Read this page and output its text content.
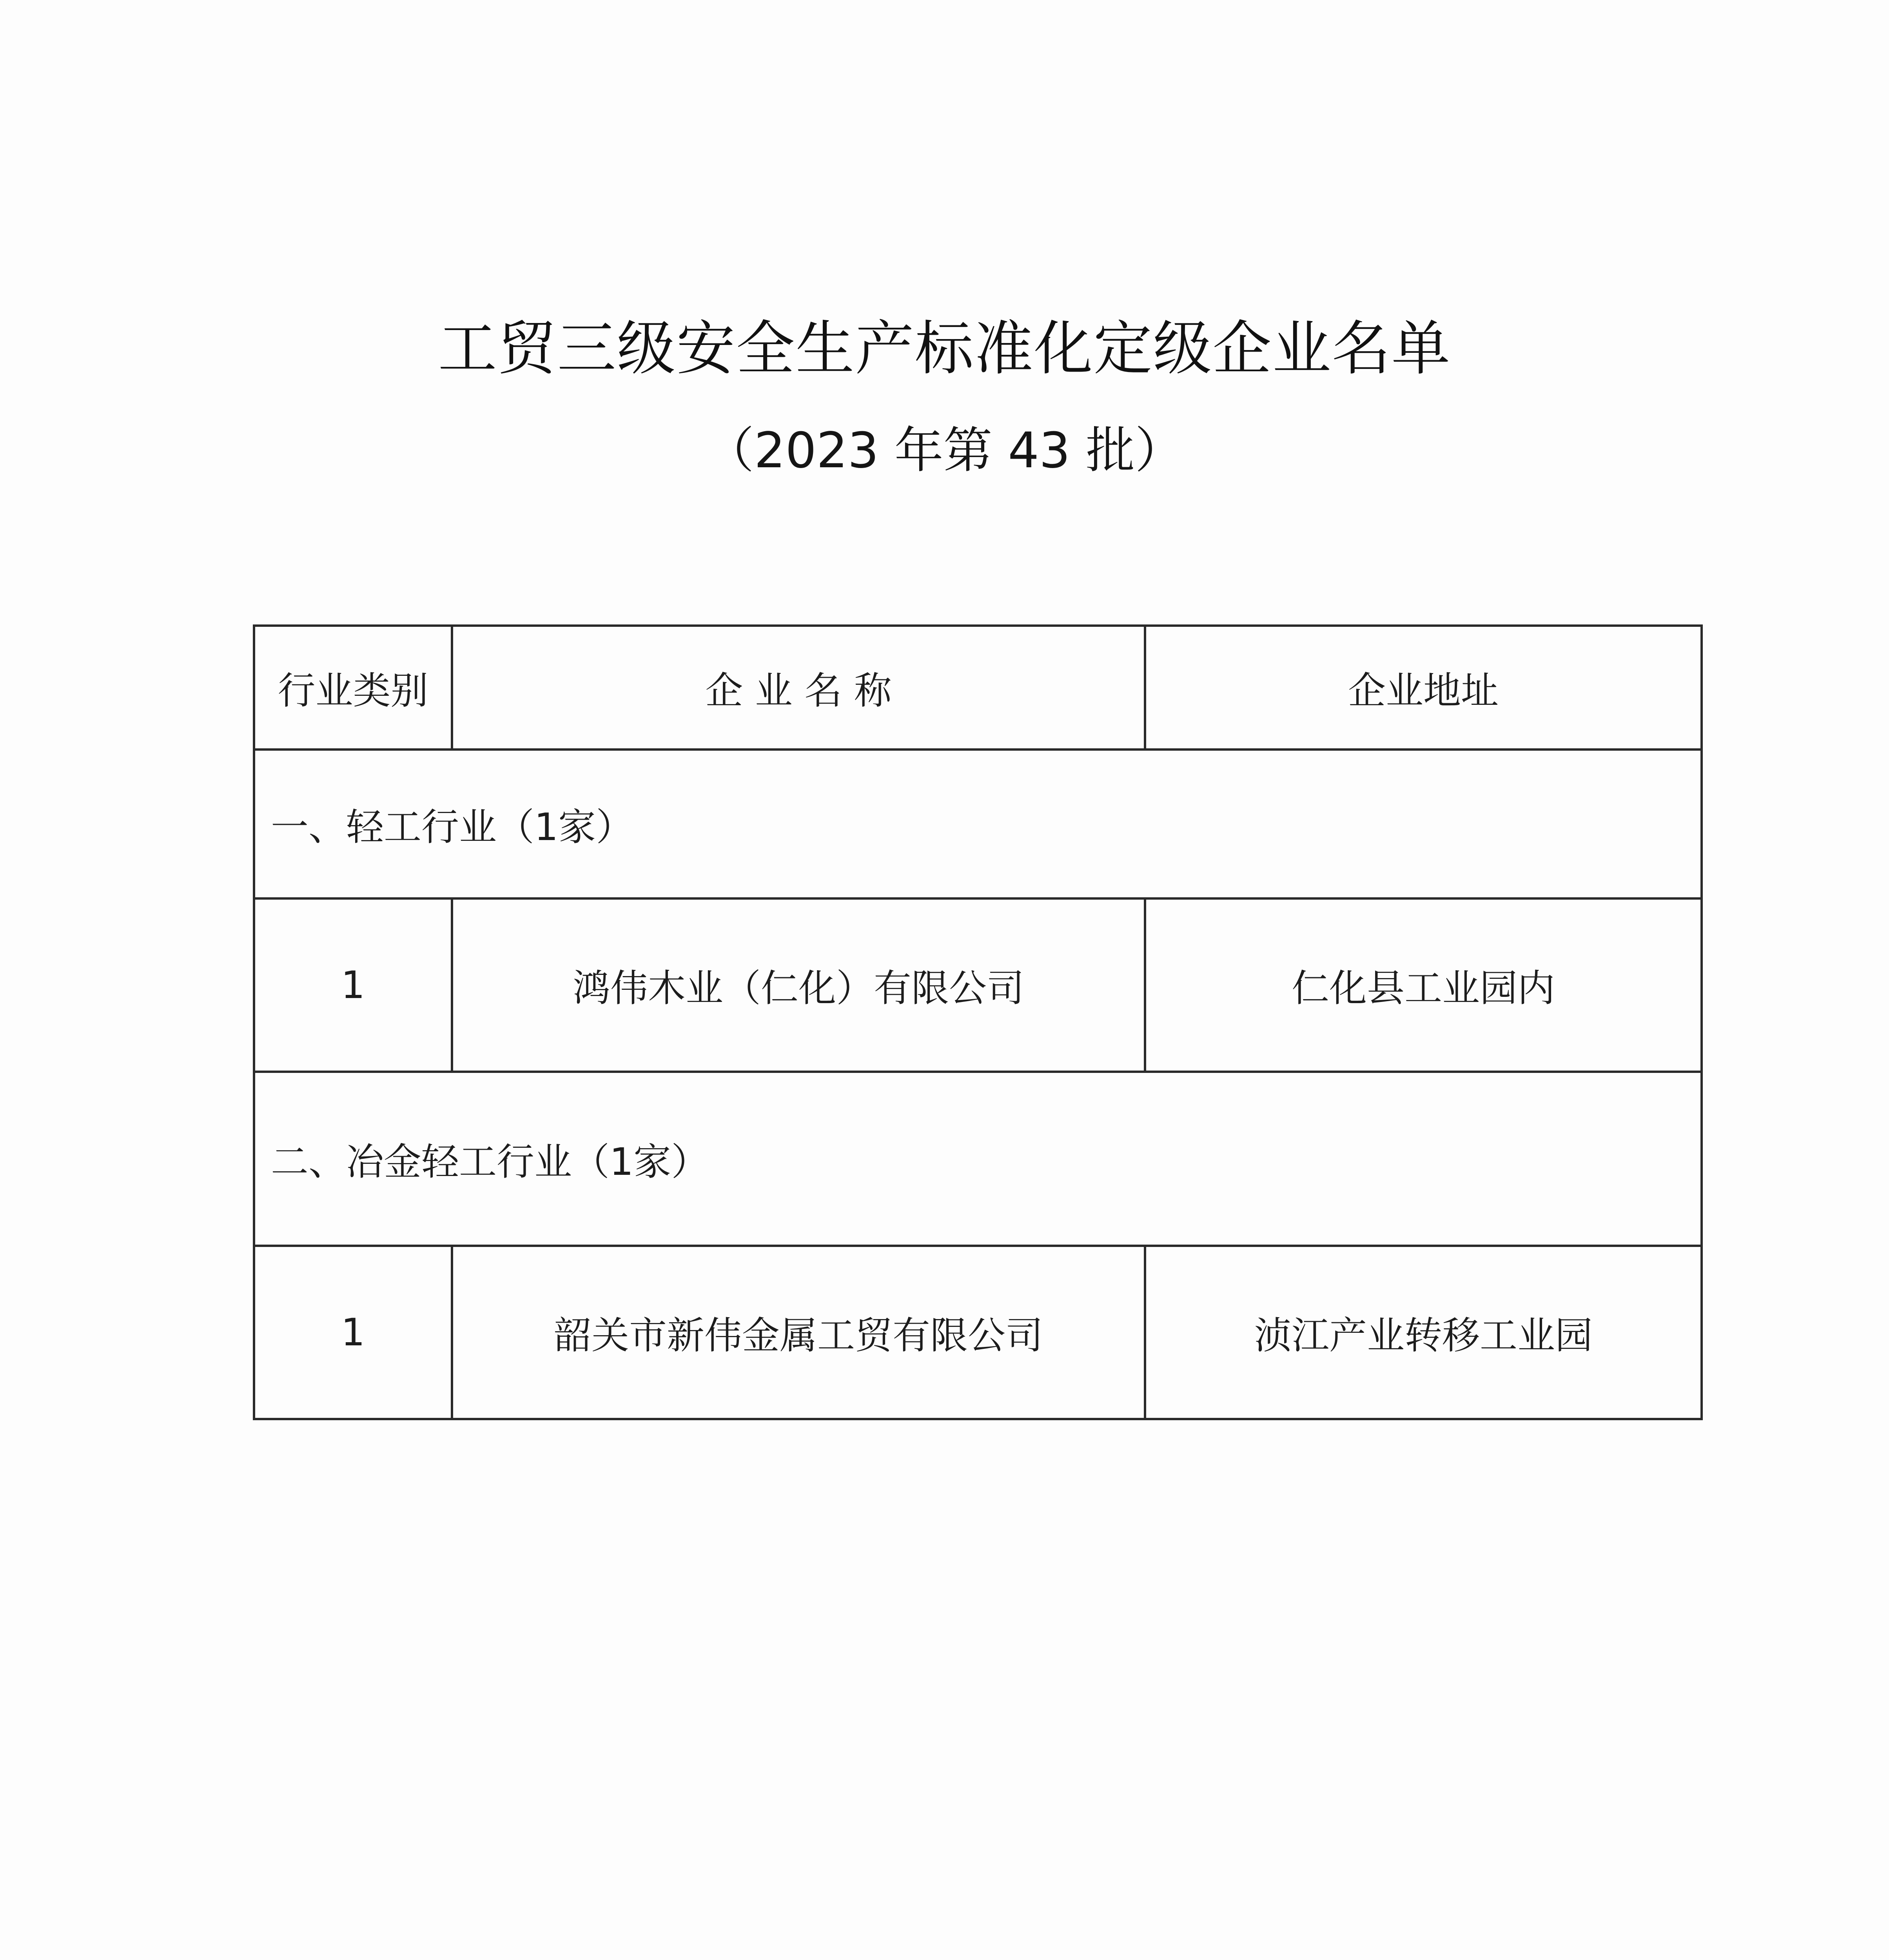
工贸三级安全生产标准化定级企业名单
（2023 年第 43 批）
行业类别	企 业 名 称	企业地址
一、轻工行业（1家）		
1	鸿伟木业（仁化）有限公司	仁化县工业园内
二、冶金轻工行业（1家）		
1	韶关市新伟金属工贸有限公司	浈江产业转移工业园
